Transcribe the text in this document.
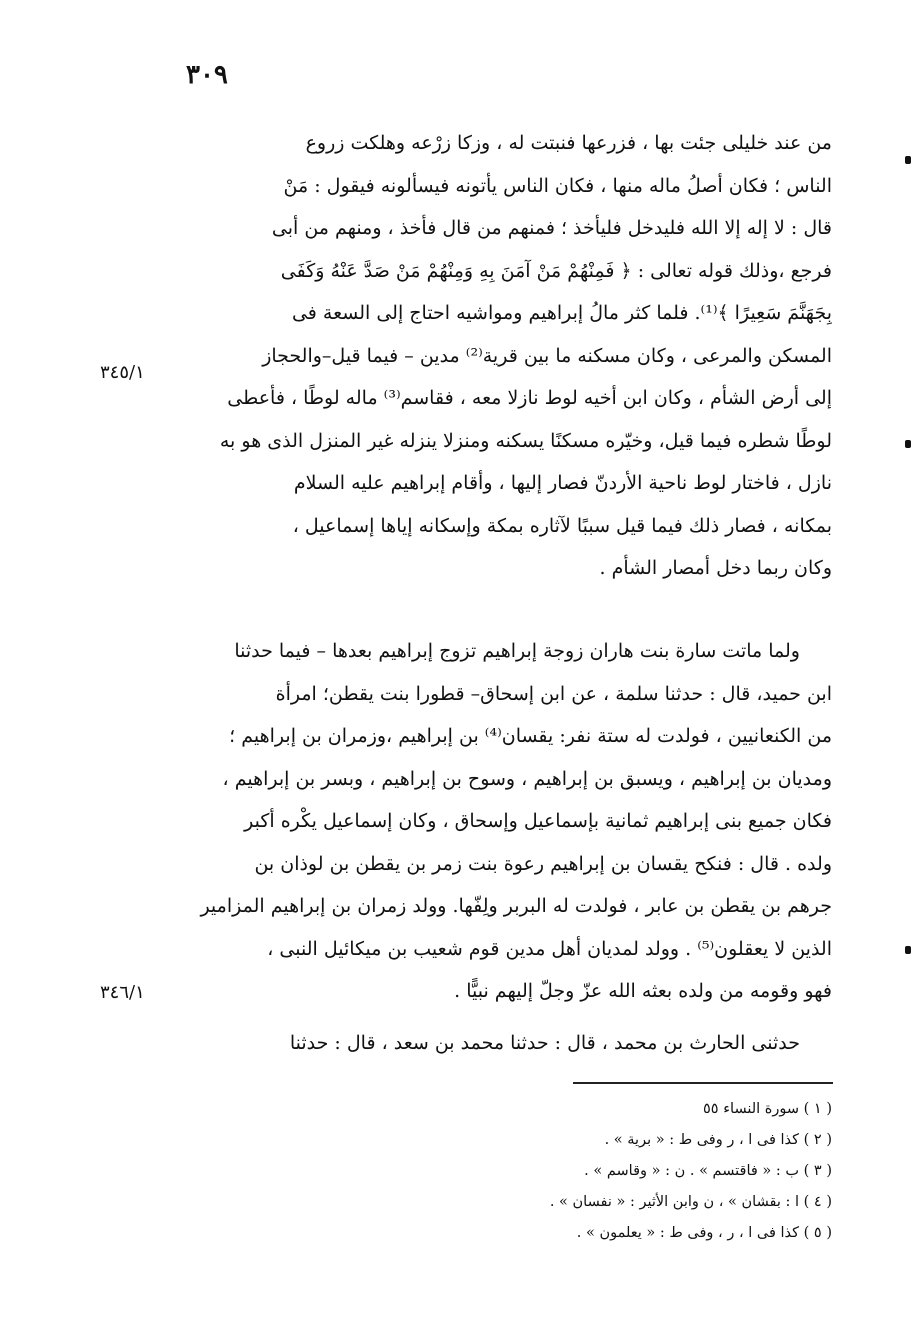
٣٠٩
٣٤٥/١
٣٤٦/١
من عند خليلى جئت بها ، فزرعها فنبتت له ، وزكا زرْعه وهلكت زروع
الناس ؛ فكان أصلُ ماله منها ، فكان الناس يأتونه فيسألونه فيقول : مَنْ
قال : لا إله إلا الله فليدخل فليأخذ ؛ فمنهم من قال فأخذ ، ومنهم من أبى
فرجع ،وذلك قوله تعالى : ﴿ فَمِنْهُمْ مَنْ آمَنَ بِهِ وَمِنْهُمْ مَنْ صَدَّ عَنْهُ وَكَفَى
بِجَهَنَّمَ سَعِيرًا ﴾⁽¹⁾. فلما كثر مالُ إبراهيم ومواشيه احتاج إلى السعة فى
المسكن والمرعى ، وكان مسكنه ما بين قرية⁽²⁾ مدين – فيما قيل–والحجاز
إلى أرض الشأم ، وكان ابن أخيه لوط نازلا معه ، فقاسم⁽³⁾ ماله لوطًا ، فأعطى
لوطًا شطره فيما قيل، وخيّره مسكنًا يسكنه ومنزلا ينزله غير المنزل الذى هو به
نازل ، فاختار لوط ناحية الأردنّ فصار إليها ، وأقام إبراهيم عليه السلام
بمكانه ، فصار ذلك فيما قيل سببًا لآثاره بمكة وإسكانه إياها إسماعيل ،
وكان ربما دخل أمصار الشأم .
ولما ماتت سارة بنت هاران زوجة إبراهيم تزوج إبراهيم بعدها – فيما حدثنا
ابن حميد، قال : حدثنا سلمة ، عن ابن إسحاق– قطورا بنت يقطن؛ امرأة
من الكنعانيين ، فولدت له ستة نفر: يقسان⁽⁴⁾ بن إبراهيم ،وزمران بن إبراهيم ؛
ومديان بن إبراهيم ، ويسبق بن إبراهيم ، وسوح بن إبراهيم ، وبسر بن إبراهيم ،
فكان جميع بنى إبراهيم ثمانية بإسماعيل وإسحاق ، وكان إسماعيل يكْره أكبر
ولده . قال : فنكح يقسان بن إبراهيم رعوة بنت زمر بن يقطن بن لوذان بن
جرهم بن يقطن بن عابر ، فولدت له البربر ولِفّها. وولد زمران بن إبراهيم المزامير
الذين لا يعقلون⁽⁵⁾ . وولد لمديان أهل مدين قوم شعيب بن ميكائيل النبى ،
فهو وقومه من ولده بعثه الله عزّ وجلّ إليهم نبيًّا .
حدثنى الحارث بن محمد ، قال : حدثنا محمد بن سعد ، قال : حدثنا
( ١ ) سورة النساء ٥٥
( ٢ ) كذا فى ا ، ر وفى ط : « برية » .
( ٣ ) ب : « فاقتسم » . ن : « وقاسم » .
( ٤ ) ا : بقشان » ، ن وابن الأثير : « نفسان » .
( ٥ ) كذا فى ا ، ر ، وفى ط : « يعلمون » .
